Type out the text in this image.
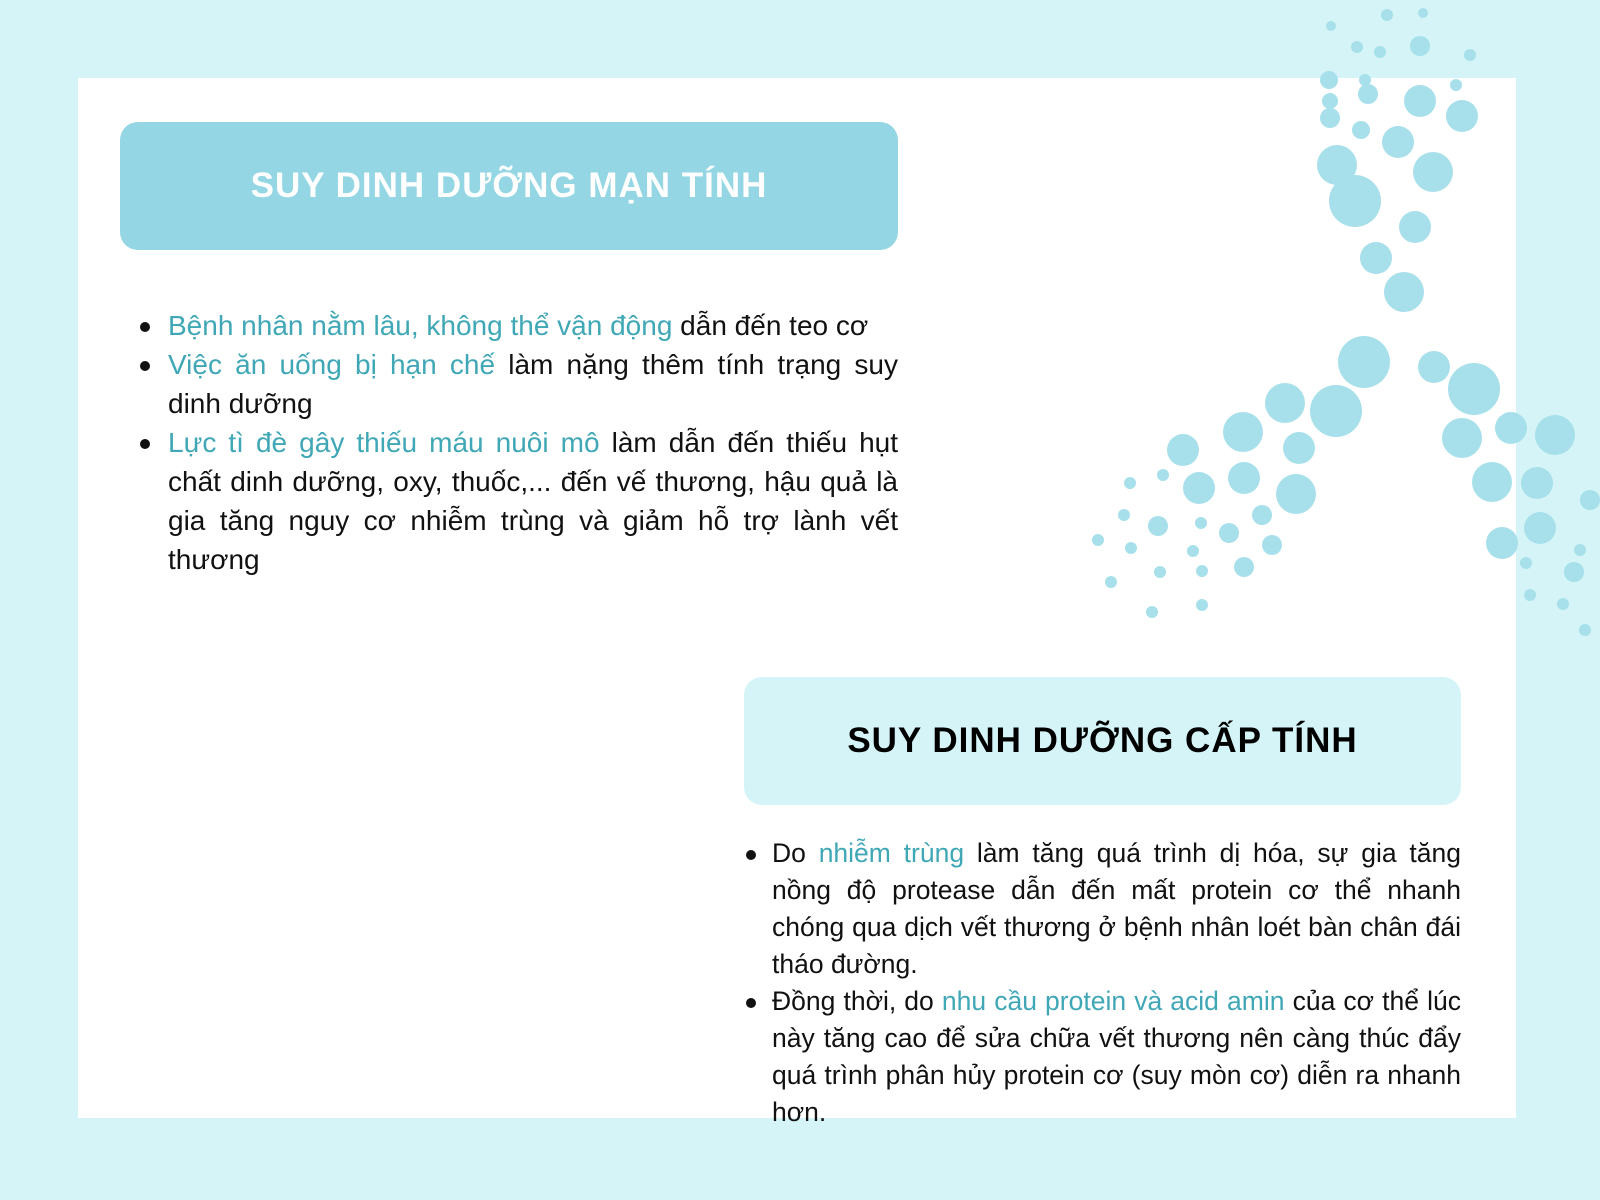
SUY DINH DƯỠNG MẠN TÍNH
Bệnh nhân nằm lâu, không thể vận động dẫn đến teo cơ
Việc ăn uống bị hạn chế làm nặng thêm tính trạng suy dinh dưỡng
Lực tì đè gây thiếu máu nuôi mô làm dẫn đến thiếu hụt chất dinh dưỡng, oxy, thuốc,... đến vế thương, hậu quả là gia tăng nguy cơ nhiễm trùng và giảm hỗ trợ lành vết thương
SUY DINH DƯỠNG CẤP TÍNH
Do nhiễm trùng làm tăng quá trình dị hóa, sự gia tăng nồng độ protease dẫn đến mất protein cơ thể nhanh chóng qua dịch vết thương ở bệnh nhân loét bàn chân đái tháo đường.
Đồng thời, do nhu cầu protein và acid amin của cơ thể lúc này tăng cao để sửa chữa vết thương nên càng thúc đẩy quá trình phân hủy protein cơ (suy mòn cơ) diễn ra nhanh hơn.
